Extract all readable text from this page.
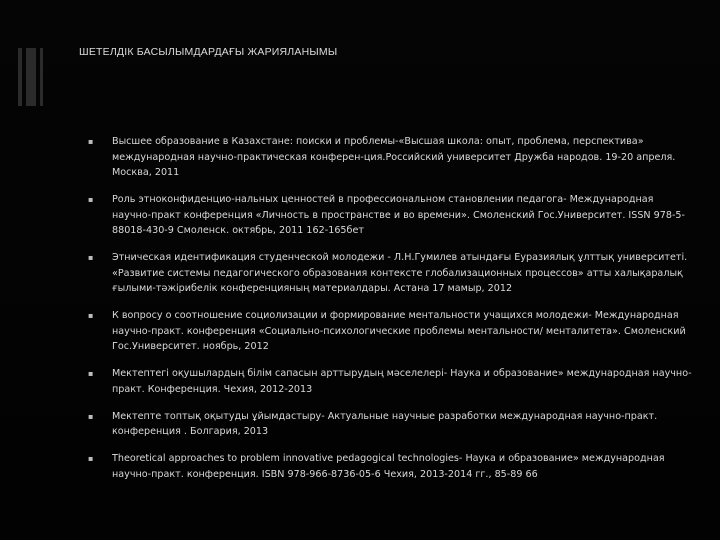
ШЕТЕЛДІК БАСЫЛЫМДАРДАҒЫ ЖАРИЯЛАНЫМЫ
▪ Высшее образование в Казахстане: поиски и проблемы-«Высшая школа: опыт, проблема, перспектива» международная научно-практическая конферен-ция.Российский университет Дружба народов. 19-20 апреля. Москва, 2011
▪ Роль этноконфиденцио-нальных ценностей в профессиональном становлении педагога- Международная научно-практ конференция «Личность в пространстве и во времени». Смоленский Гос.Университет. ISSN 978-5-88018-430-9 Смоленск. октябрь, 2011 162-165бет
▪ Этническая идентификация студенческой молодежи - Л.Н.Гумилев атындағы Еуразиялық ұлттық университеті. «Развитие системы педагогического образования контексте глобализационных процессов» атты халықаралық ғылыми-тәжірибелік конференцияның материалдары. Астана 17 мамыр, 2012
▪ К вопросу о соотношение социолизации и формирование ментальности учащихся молодежи- Международная научно-практ. конференция «Социально-психологические проблемы ментальности/ менталитета». Смоленский Гос.Университет. ноябрь, 2012
▪ Мектептегі оқушылардың білім сапасын арттырудың мәселелері- Наука и образование» международная научно-практ. Конференция. Чехия, 2012-2013
▪ Мектепте топтық оқытуды ұйымдастыру- Актуальные научные разработки международная научно-практ. конференция . Болгария, 2013
▪ Theoretical approaches to problem innovative pedagogical technologies- Наука и образование» международная научно-практ. конференция. ISBN 978-966-8736-05-6 Чехия, 2013-2014 гг., 85-89 66
